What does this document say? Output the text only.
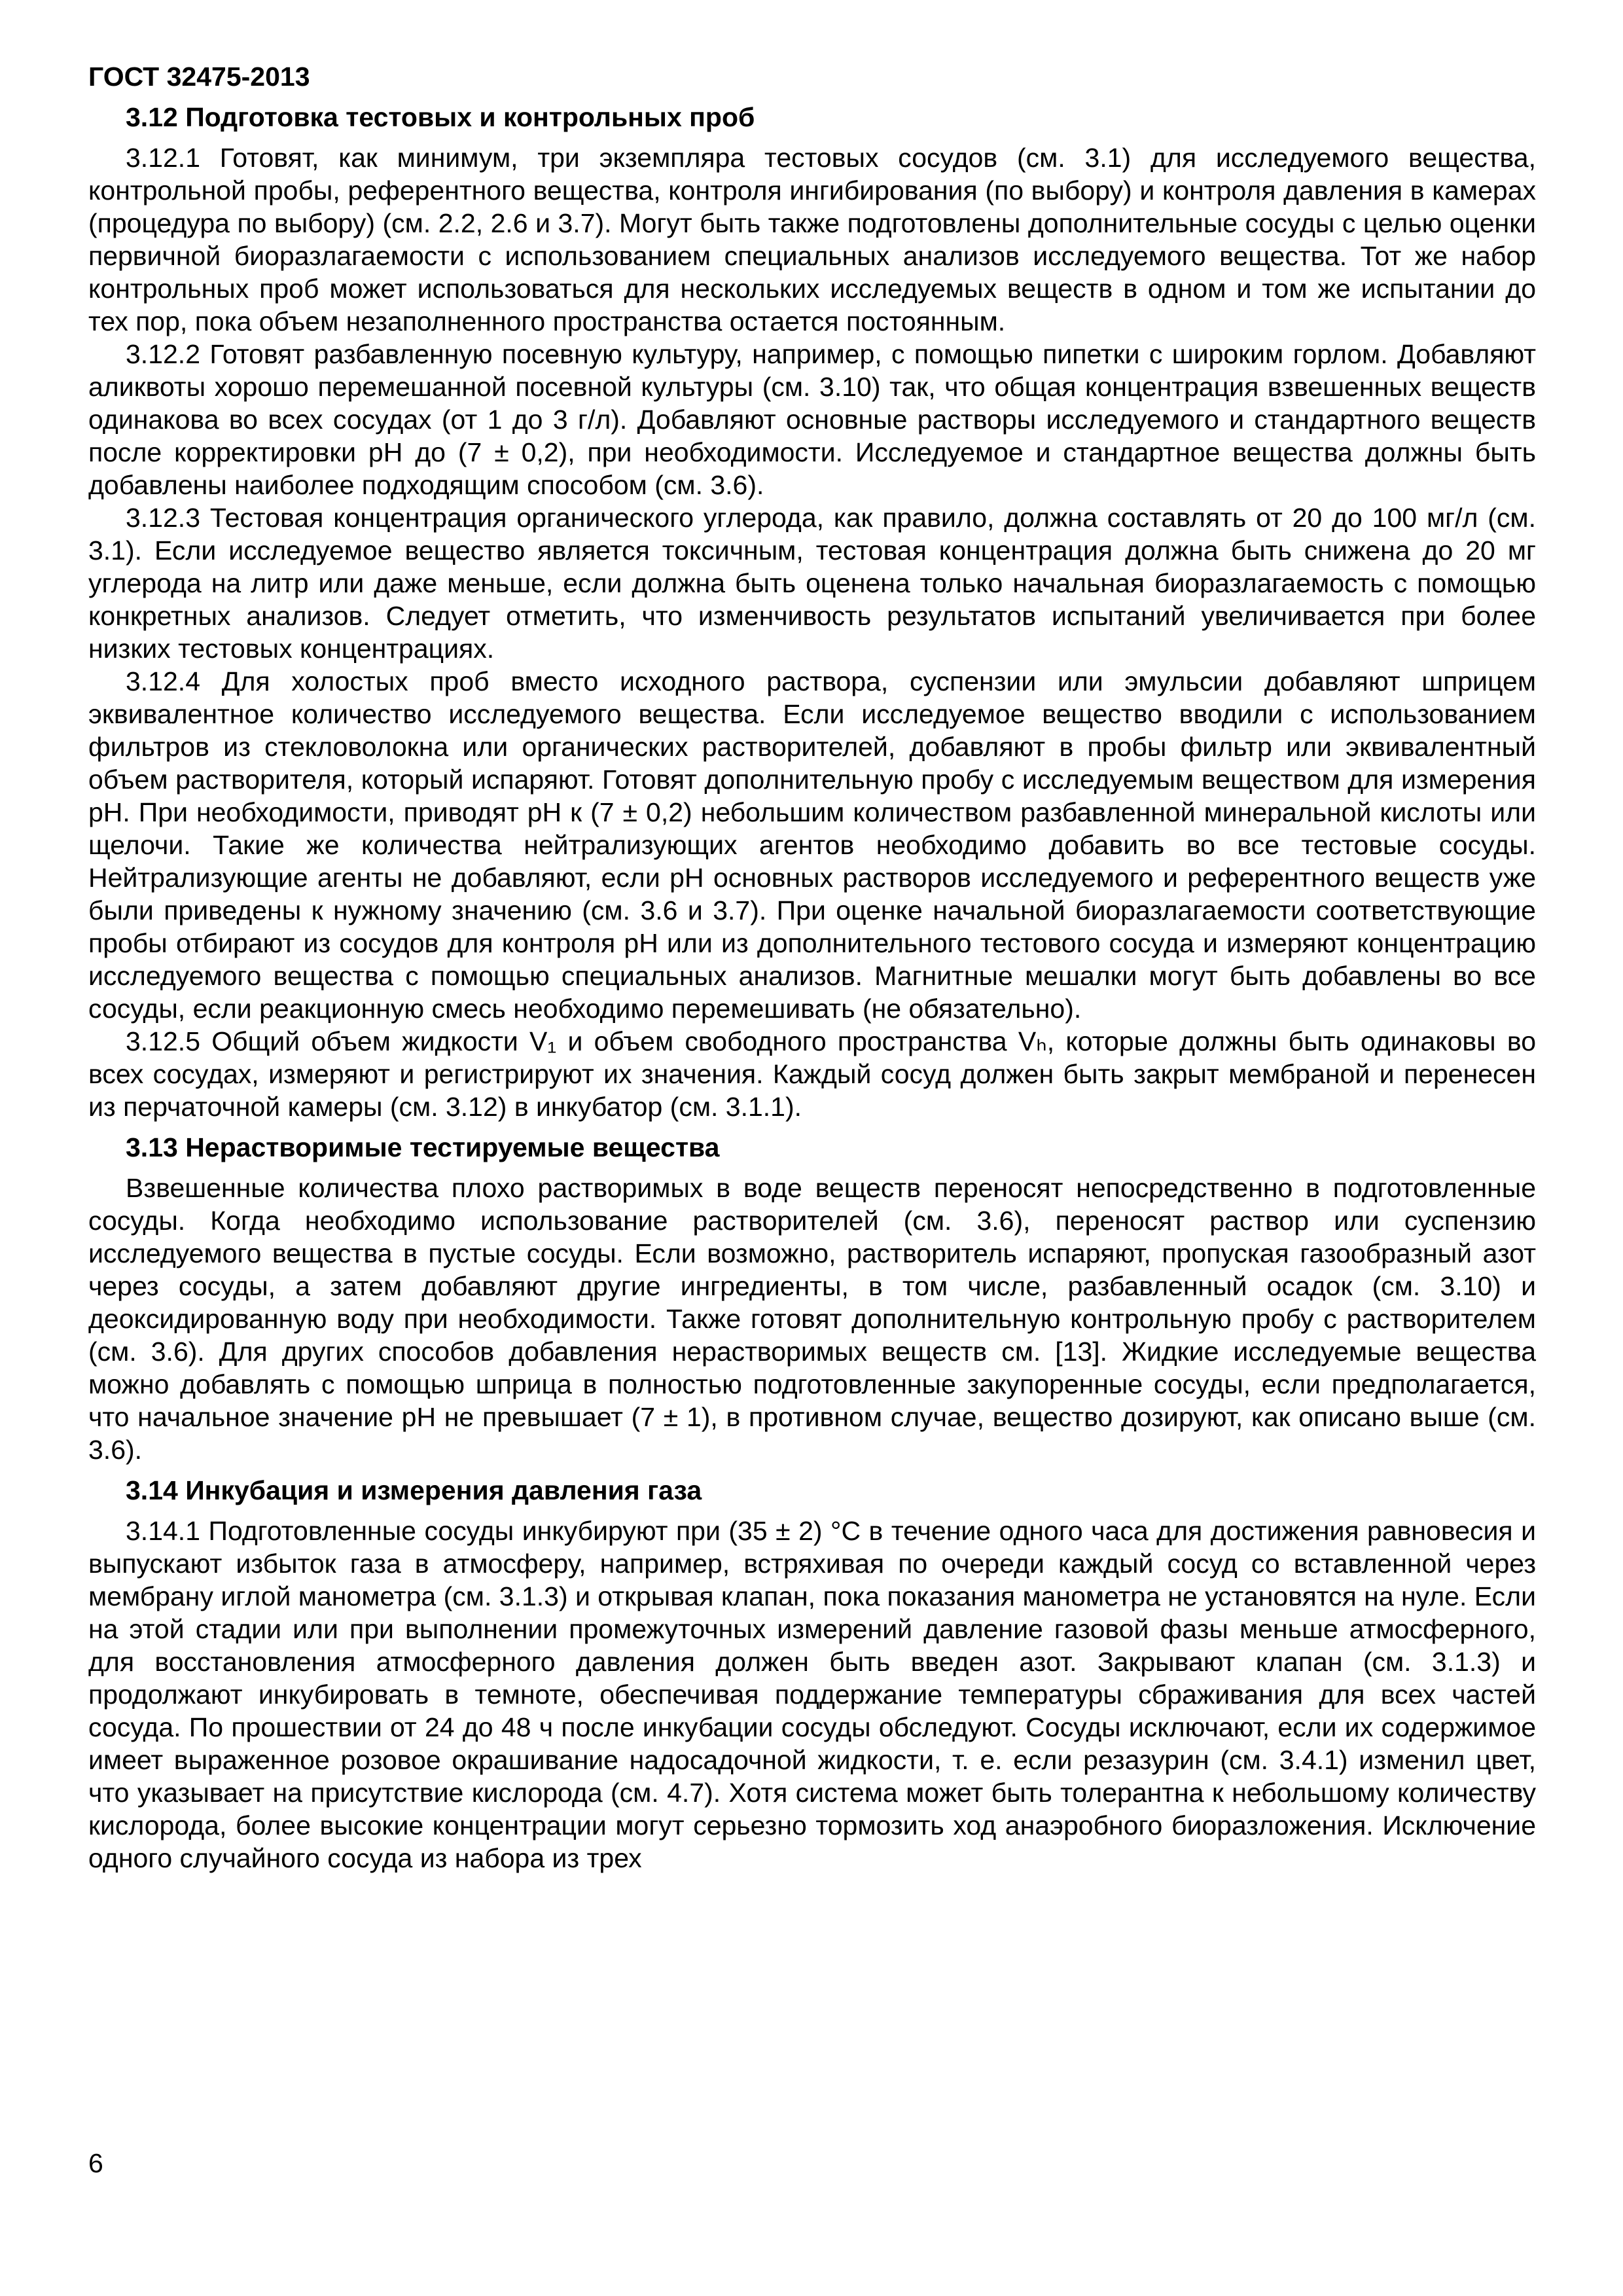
ГОСТ 32475-2013
3.12 Подготовка тестовых и контрольных проб

3.12.1 Готовят, как минимум, три экземпляра тестовых сосудов (см. 3.1) для исследуемого вещества, контрольной пробы, референтного вещества, контроля ингибирования (по выбору) и контроля давления в камерах (процедура по выбору) (см. 2.2, 2.6 и 3.7). Могут быть также подготовлены дополнительные сосуды с целью оценки первичной биоразлагаемости с использованием специальных анализов исследуемого вещества. Тот же набор контрольных проб может использоваться для нескольких исследуемых веществ в одном и том же испытании до тех пор, пока объем незаполненного пространства остается постоянным.

3.12.2 Готовят разбавленную посевную культуру, например, с помощью пипетки с широким горлом. Добавляют аликвоты хорошо перемешанной посевной культуры (см. 3.10) так, что общая концентрация взвешенных веществ одинакова во всех сосудах (от 1 до 3 г/л). Добавляют основные растворы исследуемого и стандартного веществ после корректировки pH до (7 ± 0,2), при необходимости. Исследуемое и стандартное вещества должны быть добавлены наиболее подходящим способом (см. 3.6).

3.12.3 Тестовая концентрация органического углерода, как правило, должна составлять от 20 до 100 мг/л (см. 3.1). Если исследуемое вещество является токсичным, тестовая концентрация должна быть снижена до 20 мг углерода на литр или даже меньше, если должна быть оценена только начальная биоразлагаемость с помощью конкретных анализов. Следует отметить, что изменчивость результатов испытаний увеличивается при более низких тестовых концентрациях.

3.12.4 Для холостых проб вместо исходного раствора, суспензии или эмульсии добавляют шприцем эквивалентное количество исследуемого вещества. Если исследуемое вещество вводили с использованием фильтров из стекловолокна или органических растворителей, добавляют в пробы фильтр или эквивалентный объем растворителя, который испаряют. Готовят дополнительную пробу с исследуемым веществом для измерения pH. При необходимости, приводят pH к (7 ± 0,2) небольшим количеством разбавленной минеральной кислоты или щелочи. Такие же количества нейтрализующих агентов необходимо добавить во все тестовые сосуды. Нейтрализующие агенты не добавляют, если pH основных растворов исследуемого и референтного веществ уже были приведены к нужному значению (см. 3.6 и 3.7). При оценке начальной биоразлагаемости соответствующие пробы отбирают из сосудов для контроля pH или из дополнительного тестового сосуда и измеряют концентрацию исследуемого вещества с помощью специальных анализов. Магнитные мешалки могут быть добавлены во все сосуды, если реакционную смесь необходимо перемешивать (не обязательно).

3.12.5 Общий объем жидкости V₁ и объем свободного пространства Vₕ, которые должны быть одинаковы во всех сосудах, измеряют и регистрируют их значения. Каждый сосуд должен быть закрыт мембраной и перенесен из перчаточной камеры (см. 3.12) в инкубатор (см. 3.1.1).

3.13 Нерастворимые тестируемые вещества

Взвешенные количества плохо растворимых в воде веществ переносят непосредственно в подготовленные сосуды. Когда необходимо использование растворителей (см. 3.6), переносят раствор или суспензию исследуемого вещества в пустые сосуды. Если возможно, растворитель испаряют, пропуская газообразный азот через сосуды, а затем добавляют другие ингредиенты, в том числе, разбавленный осадок (см. 3.10) и деоксидированную воду при необходимости. Также готовят дополнительную контрольную пробу с растворителем (см. 3.6). Для других способов добавления нерастворимых веществ см. [13]. Жидкие исследуемые вещества можно добавлять с помощью шприца в полностью подготовленные закупоренные сосуды, если предполагается, что начальное значение pH не превышает (7 ± 1), в противном случае, вещество дозируют, как описано выше (см. 3.6).

3.14 Инкубация и измерения давления газа

3.14.1 Подготовленные сосуды инкубируют при (35 ± 2) °С в течение одного часа для достижения равновесия и выпускают избыток газа в атмосферу, например, встряхивая по очереди каждый сосуд со вставленной через мембрану иглой манометра (см. 3.1.3) и открывая клапан, пока показания манометра не установятся на нуле. Если на этой стадии или при выполнении промежуточных измерений давление газовой фазы меньше атмосферного, для восстановления атмосферного давления должен быть введен азот. Закрывают клапан (см. 3.1.3) и продолжают инкубировать в темноте, обеспечивая поддержание температуры сбраживания для всех частей сосуда. По прошествии от 24 до 48 ч после инкубации сосуды обследуют. Сосуды исключают, если их содержимое имеет выраженное розовое окрашивание надосадочной жидкости, т. е. если резазурин (см. 3.4.1) изменил цвет, что указывает на присутствие кислорода (см. 4.7). Хотя система может быть толерантна к небольшому количеству кислорода, более высокие концентрации могут серьезно тормозить ход анаэробного биоразложения. Исключение одного случайного сосуда из набора из трех

6
